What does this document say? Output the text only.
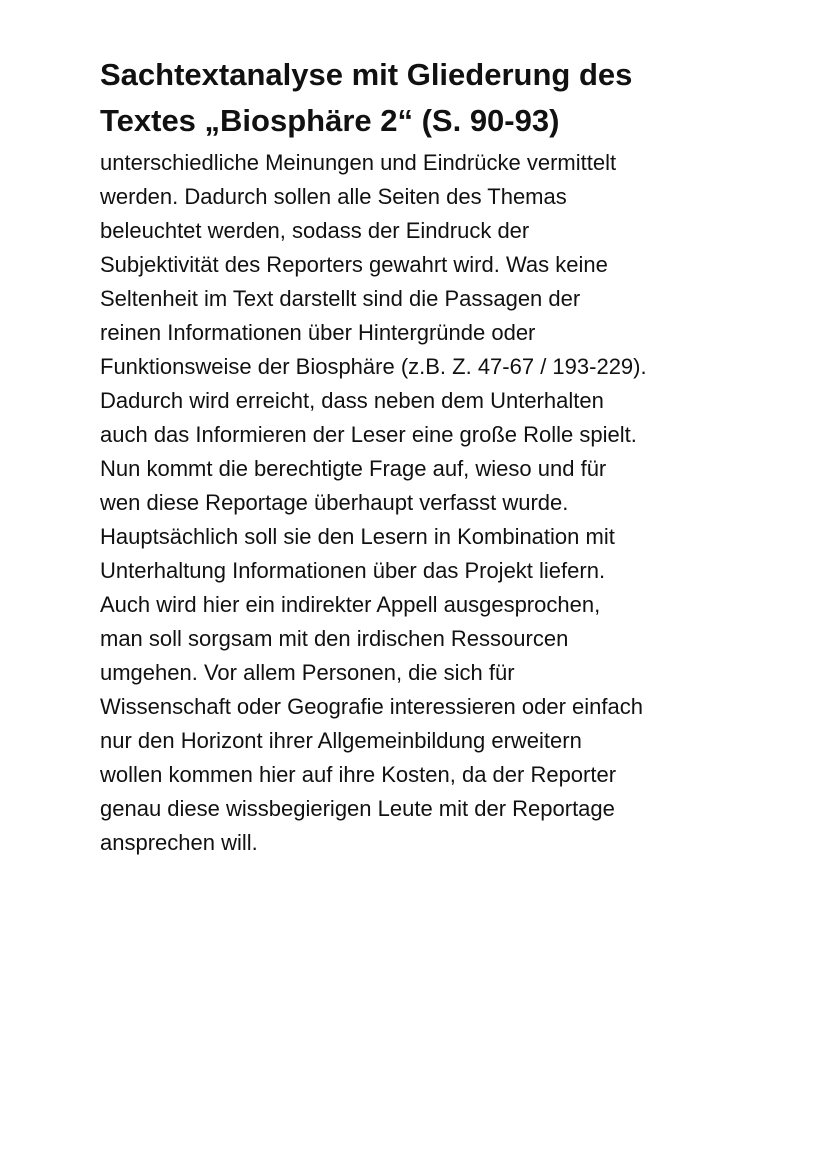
Sachtextanalyse mit Gliederung des
Textes „Biosphäre 2“ (S. 90-93)
unterschiedliche Meinungen und Eindrücke vermittelt
werden. Dadurch sollen alle Seiten des Themas
beleuchtet werden, sodass der Eindruck der
Subjektivität des Reporters gewahrt wird. Was keine
Seltenheit im Text darstellt sind die Passagen der
reinen Informationen über Hintergründe oder
Funktionsweise der Biosphäre (z.B. Z. 47-67 / 193-229).
Dadurch wird erreicht, dass neben dem Unterhalten
auch das Informieren der Leser eine große Rolle spielt.
Nun kommt die berechtigte Frage auf, wieso und für
wen diese Reportage überhaupt verfasst wurde.
Hauptsächlich soll sie den Lesern in Kombination mit
Unterhaltung Informationen über das Projekt liefern.
Auch wird hier ein indirekter Appell ausgesprochen,
man soll sorgsam mit den irdischen Ressourcen
umgehen. Vor allem Personen, die sich für
Wissenschaft oder Geografie interessieren oder einfach
nur den Horizont ihrer Allgemeinbildung erweitern
wollen kommen hier auf ihre Kosten, da der Reporter
genau diese wissbegierigen Leute mit der Reportage
ansprechen will.
